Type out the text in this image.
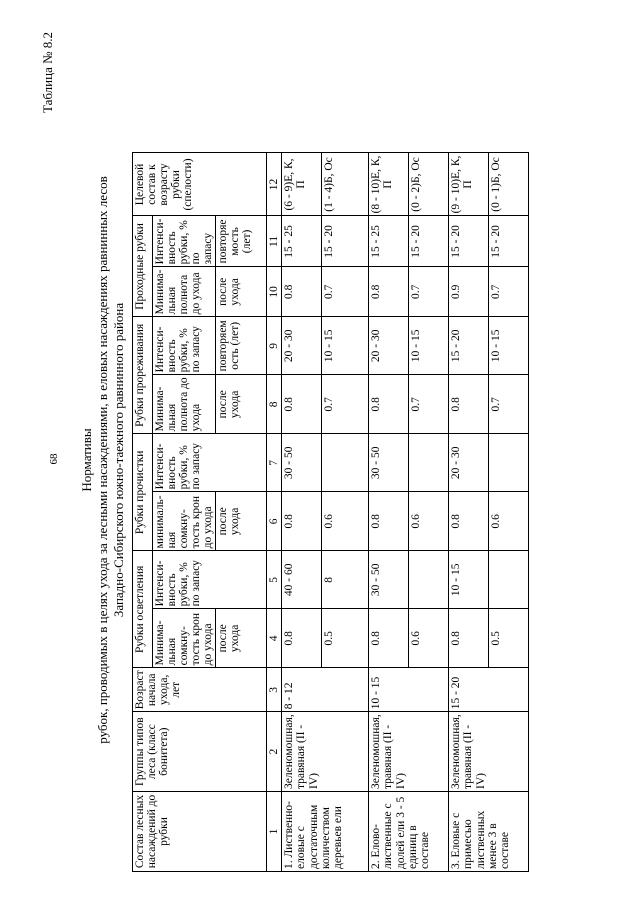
68
Таблица № 8.2
Нормативы рубок, проводимых в целях ухода за лесными насаждениями, в еловых насаждениях равнинных лесов Западно-Сибирского южно-таежного равнинного района
Состав лесных насаждений до рубки	Группы типов леса (класс бонитета)	Возраст начала ухода, лет	Рубки осветления		Рубки прочистки		Рубки прореживания		Проходные рубки		Целевой состав к возрасту рубки (спелости)
			Минима-льная сомкну-тость крон до ухода	Интенси-вность рубки, % по запасу	минималь-ная сомкну-тость крон до ухода	Интенси-вность рубки, % по запасу	Минима-льная полнота до ухода	Интенси-вность рубки, % по запасу	Минима-льная полнота до ухода	Интенси-вность рубки, % по запасу	
			после ухода		после ухода		после ухода	повторяем ость (лет)	после ухода	повторяе мость (лет)	
1	2	3	4	5	6	7	8	9	10	11	12
1. Лиственно-еловые с достаточным количеством деревьев ели	Зеленомошная, травяная (II - IV)	8 - 12	0.8	40 - 60	0.8	30 - 50	0.8	20 - 30	0.8	15 - 25	(6 - 9)Е, К, П
			0.5	8	0.6		0.7	10 - 15	0.7	15 - 20	(1 - 4)Б, Ос
2. Елово-лиственные с долей ели 3 - 5 единиц в составе	Зеленомошная, травяная (II - IV)	10 - 15	0.8	30 - 50	0.8	30 - 50	0.8	20 - 30	0.8	15 - 25	(8 - 10)Е, К, П
			0.6		0.6		0.7	10 - 15	0.7	15 - 20	(0 - 2)Б, Ос
3. Еловые с примесью лиственных менее 3 в составе	Зеленомошная, травяная (II - IV)	15 - 20	0.8	10 - 15	0.8	20 - 30	0.8	15 - 20	0.9	15 - 20	(9 - 10)Е, К, П
			0.5		0.6		0.7	10 - 15	0.7	15 - 20	(0 - 1)Б, Ос
